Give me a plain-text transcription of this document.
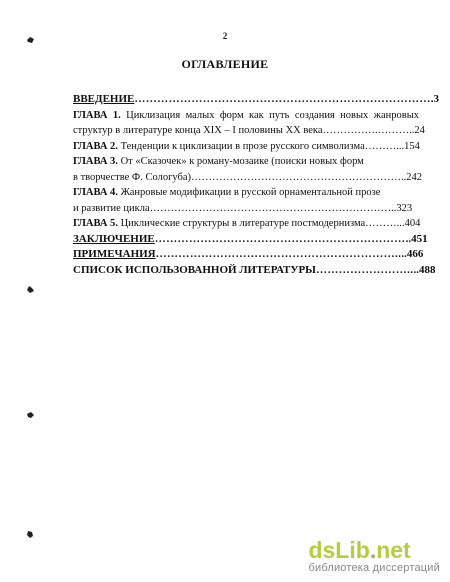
2
ОГЛАВЛЕНИЕ
ВВЕДЕНИЕ…………………………………………………………………….3
ГЛАВА 1. Циклизация малых форм как путь создания новых жанровых
структур в литературе конца XIX – I половины XX века…………….………..24
ГЛАВА 2. Тенденции к циклизации в прозе русского символизма………...154
ГЛАВА 3. От «Сказочек» к роману-мозаике (поиски новых форм
в творчестве Ф. Сологуба)……………………………………………………..242
ГЛАВА 4. Жанровые модификации в русской орнаментальной прозе
и развитие цикла……………………………………………………………..323
ГЛАВА 5. Циклические структуры в литературе постмодернизма………...404
ЗАКЛЮЧЕНИЕ…………………………………………………………..451
ПРИМЕЧАНИЯ………………………………………………………....466
СПИСОК ИСПОЛЬЗОВАННОЙ ЛИТЕРАТУРЫ……………………....488
dsLib.net
библиотека диссертаций
